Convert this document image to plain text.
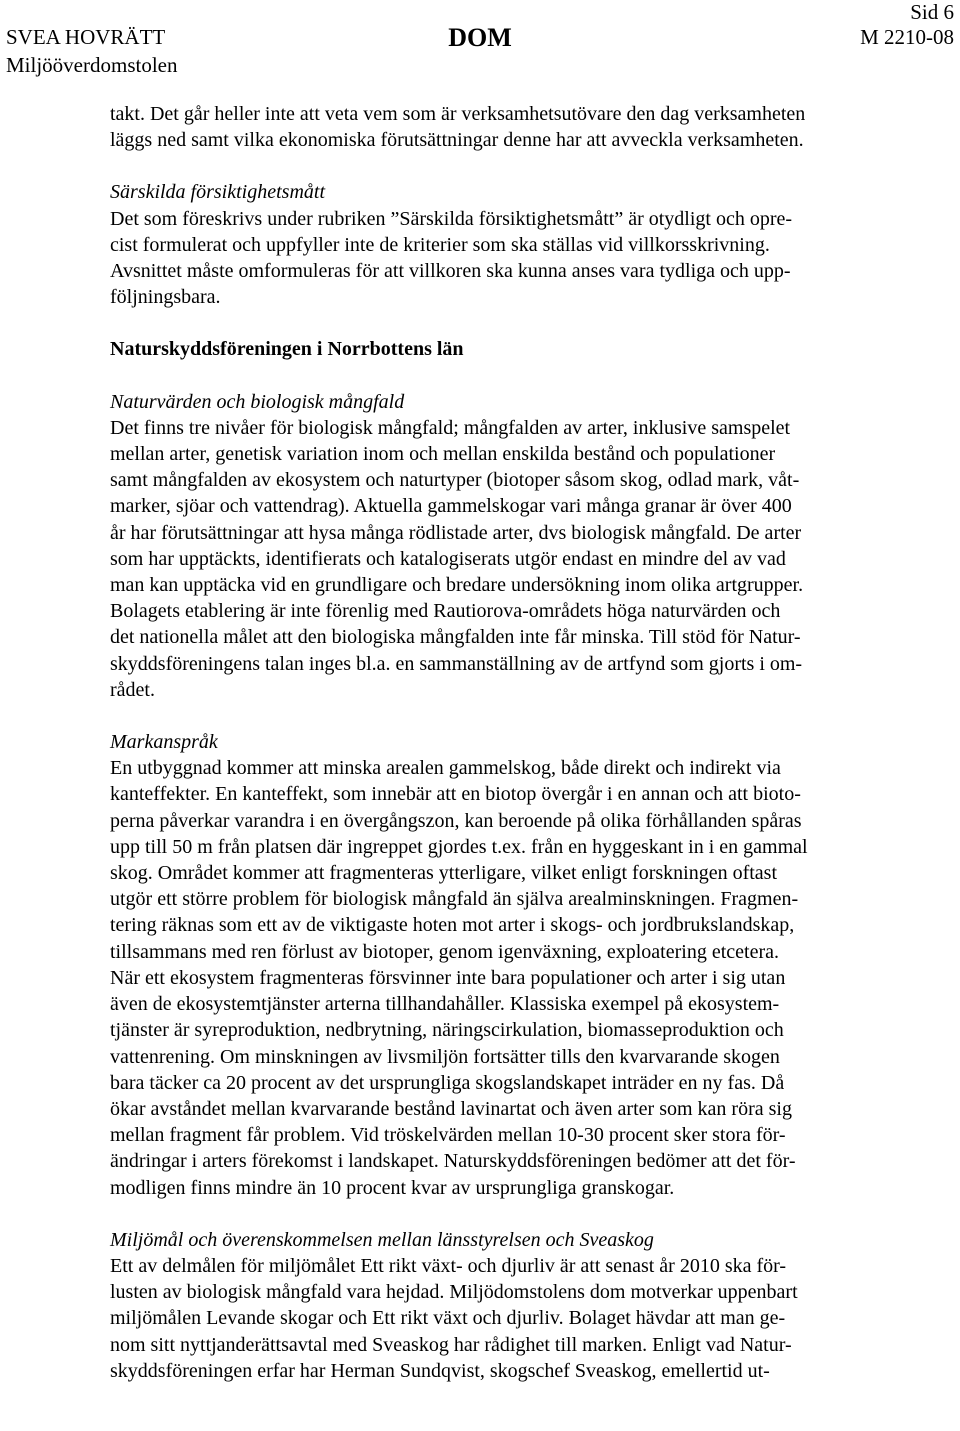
SVEA HOVRÄTT
Miljööverdomstolen
DOM
Sid 6
M 2210-08

takt. Det går heller inte att veta vem som är verksamhetsutövare den dag verksamheten
läggs ned samt vilka ekonomiska förutsättningar denne har att avveckla verksamheten.

Särskilda försiktighetsmått

Det som föreskrivs under rubriken ”Särskilda försiktighetsmått” är otydligt och opre-
cist formulerat och uppfyller inte de kriterier som ska ställas vid villkorsskrivning.
Avsnittet måste omformuleras för att villkoren ska kunna anses vara tydliga och upp-
följningsbara.

Naturskyddsföreningen i Norrbottens län

Naturvärden och biologisk mångfald

Det finns tre nivåer för biologisk mångfald; mångfalden av arter, inklusive samspelet
mellan arter, genetisk variation inom och mellan enskilda bestånd och populationer
samt mångfalden av ekosystem och naturtyper (biotoper såsom skog, odlad mark, våt-
marker, sjöar och vattendrag). Aktuella gammelskogar vari många granar är över 400
år har förutsättningar att hysa många rödlistade arter, dvs biologisk mångfald. De arter
som har upptäckts, identifierats och katalogiserats utgör endast en mindre del av vad
man kan upptäcka vid en grundligare och bredare undersökning inom olika artgrupper.
Bolagets etablering är inte förenlig med Rautiorova-områdets höga naturvärden och
det nationella målet att den biologiska mångfalden inte får minska. Till stöd för Natur-
skyddsföreningens talan inges bl.a. en sammanställning av de artfynd som gjorts i om-
rådet.

Markanspråk

En utbyggnad kommer att minska arealen gammelskog, både direkt och indirekt via
kanteffekter. En kanteffekt, som innebär att en biotop övergår i en annan och att bioto-
perna påverkar varandra i en övergångszon, kan beroende på olika förhållanden spåras
upp till 50 m från platsen där ingreppet gjordes t.ex. från en hyggeskant in i en gammal
skog. Området kommer att fragmenteras ytterligare, vilket enligt forskningen oftast
utgör ett större problem för biologisk mångfald än själva arealminskningen. Fragmen-
tering räknas som ett av de viktigaste hoten mot arter i skogs- och jordbrukslandskap,
tillsammans med ren förlust av biotoper, genom igenväxning, exploatering etcetera.
När ett ekosystem fragmenteras försvinner inte bara populationer och arter i sig utan
även de ekosystemtjänster arterna tillhandahåller. Klassiska exempel på ekosystem-
tjänster är syreproduktion, nedbrytning, näringscirkulation, biomasseproduktion och
vattenrening. Om minskningen av livsmiljön fortsätter tills den kvarvarande skogen
bara täcker ca 20 procent av det ursprungliga skogslandskapet inträder en ny fas. Då
ökar avståndet mellan kvarvarande bestånd lavinartat och även arter som kan röra sig
mellan fragment får problem. Vid tröskelvärden mellan 10-30 procent sker stora för-
ändringar i arters förekomst i landskapet. Naturskyddsföreningen bedömer att det för-
modligen finns mindre än 10 procent kvar av ursprungliga granskogar.

Miljömål och överenskommelsen mellan länsstyrelsen och Sveaskog

Ett av delmålen för miljömålet Ett rikt växt- och djurliv är att senast år 2010 ska för-
lusten av biologisk mångfald vara hejdad. Miljödomstolens dom motverkar uppenbart
miljömålen Levande skogar och Ett rikt växt och djurliv. Bolaget hävdar att man ge-
nom sitt nyttjanderättsavtal med Sveaskog har rådighet till marken. Enligt vad Natur-
skyddsföreningen erfar har Herman Sundqvist, skogschef Sveaskog, emellertid ut-
